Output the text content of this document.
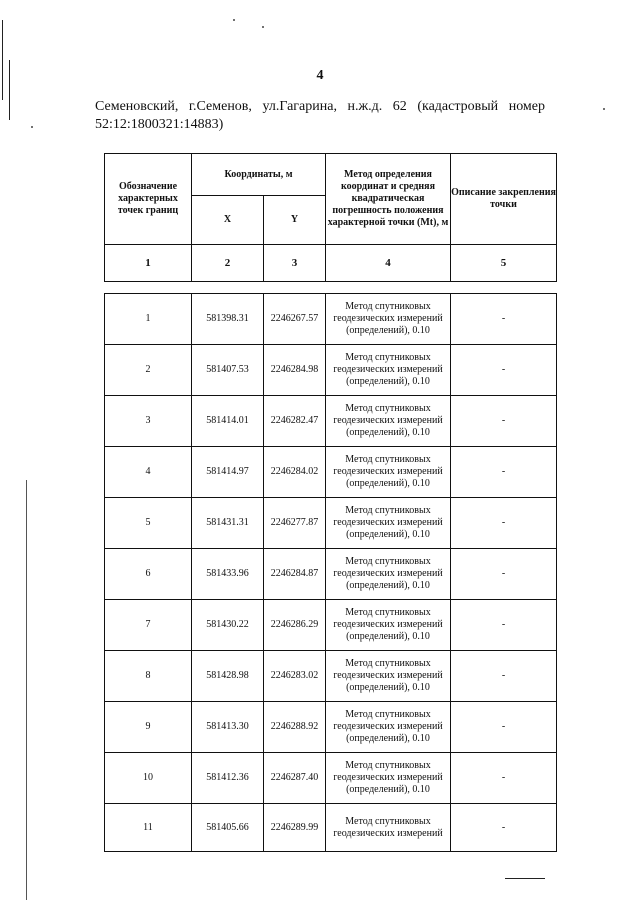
4
Семеновский, г.Семенов, ул.Гагарина, н.ж.д. 62 (кадастровый номер
52:12:1800321:14883)
Обозначение характерных точек границ	Координаты, м		Метод определения координат и средняя квадратическая погрешность положения характерной точки (Мt), м	Описание закрепления точки
	X	Y		
1	2	3	4	5

1	581398.31	2246267.57	Метод спутниковых геодезических измерений (определений), 0.10	-
2	581407.53	2246284.98	Метод спутниковых геодезических измерений (определений), 0.10	-
3	581414.01	2246282.47	Метод спутниковых геодезических измерений (определений), 0.10	-
4	581414.97	2246284.02	Метод спутниковых геодезических измерений (определений), 0.10	-
5	581431.31	2246277.87	Метод спутниковых геодезических измерений (определений), 0.10	-
6	581433.96	2246284.87	Метод спутниковых геодезических измерений (определений), 0.10	-
7	581430.22	2246286.29	Метод спутниковых геодезических измерений (определений), 0.10	-
8	581428.98	2246283.02	Метод спутниковых геодезических измерений (определений), 0.10	-
9	581413.30	2246288.92	Метод спутниковых геодезических измерений (определений), 0.10	-
10	581412.36	2246287.40	Метод спутниковых геодезических измерений (определений), 0.10	-
11	581405.66	2246289.99	Метод спутниковых геодезических измерений	-
